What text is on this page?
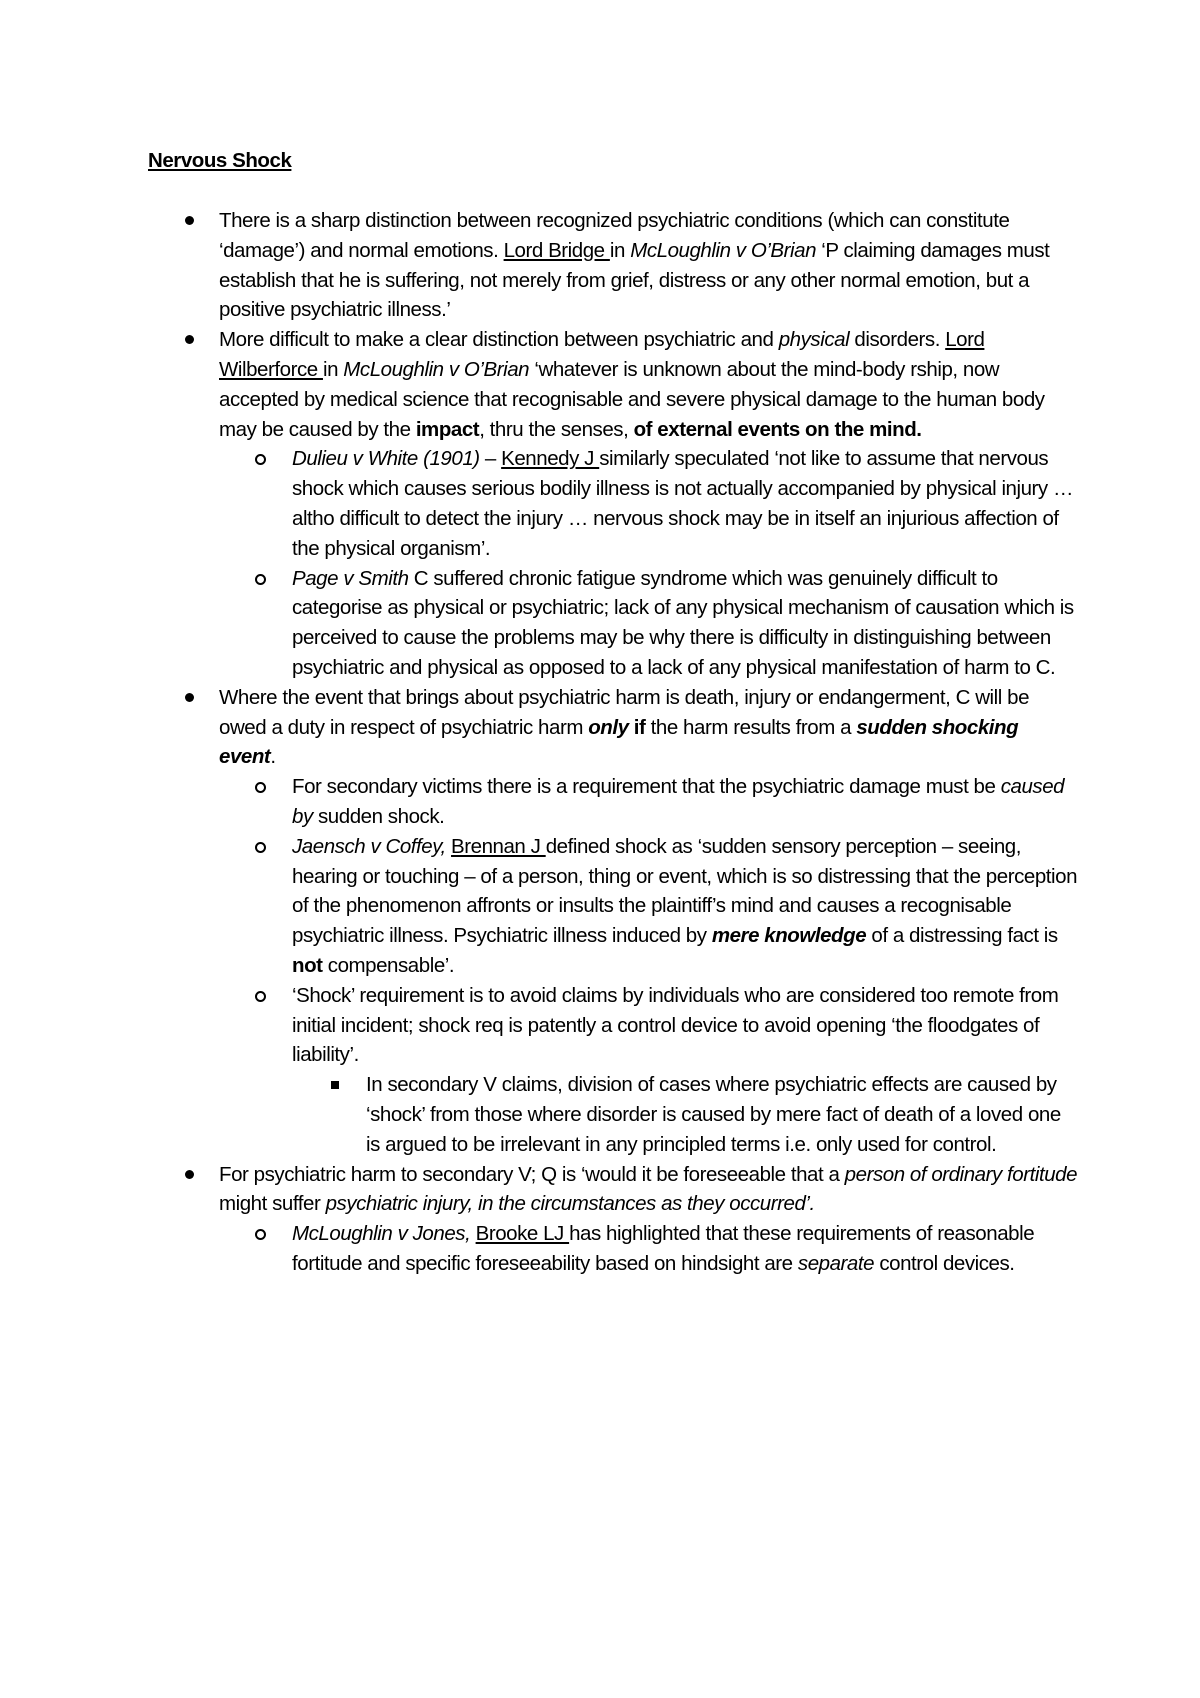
Nervous Shock
There is a sharp distinction between recognized psychiatric conditions (which can constitute ‘damage’) and normal emotions. Lord Bridge in McLoughlin v O’Brian ‘P claiming damages must establish that he is suffering, not merely from grief, distress or any other normal emotion, but a positive psychiatric illness.’
More difficult to make a clear distinction between psychiatric and physical disorders. Lord Wilberforce in McLoughlin v O’Brian ‘whatever is unknown about the mind-body rship, now accepted by medical science that recognisable and severe physical damage to the human body may be caused by the impact, thru the senses, of external events on the mind.
Dulieu v White (1901) – Kennedy J similarly speculated ‘not like to assume that nervous shock which causes serious bodily illness is not actually accompanied by physical injury … altho difficult to detect the injury … nervous shock may be in itself an injurious affection of the physical organism’.
Page v Smith C suffered chronic fatigue syndrome which was genuinely difficult to categorise as physical or psychiatric; lack of any physical mechanism of causation which is perceived to cause the problems may be why there is difficulty in distinguishing between psychiatric and physical as opposed to a lack of any physical manifestation of harm to C.
Where the event that brings about psychiatric harm is death, injury or endangerment, C will be owed a duty in respect of psychiatric harm only if the harm results from a sudden shocking event.
For secondary victims there is a requirement that the psychiatric damage must be caused by sudden shock.
Jaensch v Coffey, Brennan J defined shock as ‘sudden sensory perception – seeing, hearing or touching – of a person, thing or event, which is so distressing that the perception of the phenomenon affronts or insults the plaintiff’s mind and causes a recognisable psychiatric illness. Psychiatric illness induced by mere knowledge of a distressing fact is not compensable’.
‘Shock’ requirement is to avoid claims by individuals who are considered too remote from initial incident; shock req is patently a control device to avoid opening ‘the floodgates of liability’.
In secondary V claims, division of cases where psychiatric effects are caused by ‘shock’ from those where disorder is caused by mere fact of death of a loved one is argued to be irrelevant in any principled terms i.e. only used for control.
For psychiatric harm to secondary V; Q is ‘would it be foreseeable that a person of ordinary fortitude might suffer psychiatric injury, in the circumstances as they occurred’.
McLoughlin v Jones, Brooke LJ has highlighted that these requirements of reasonable fortitude and specific foreseeability based on hindsight are separate control devices.
